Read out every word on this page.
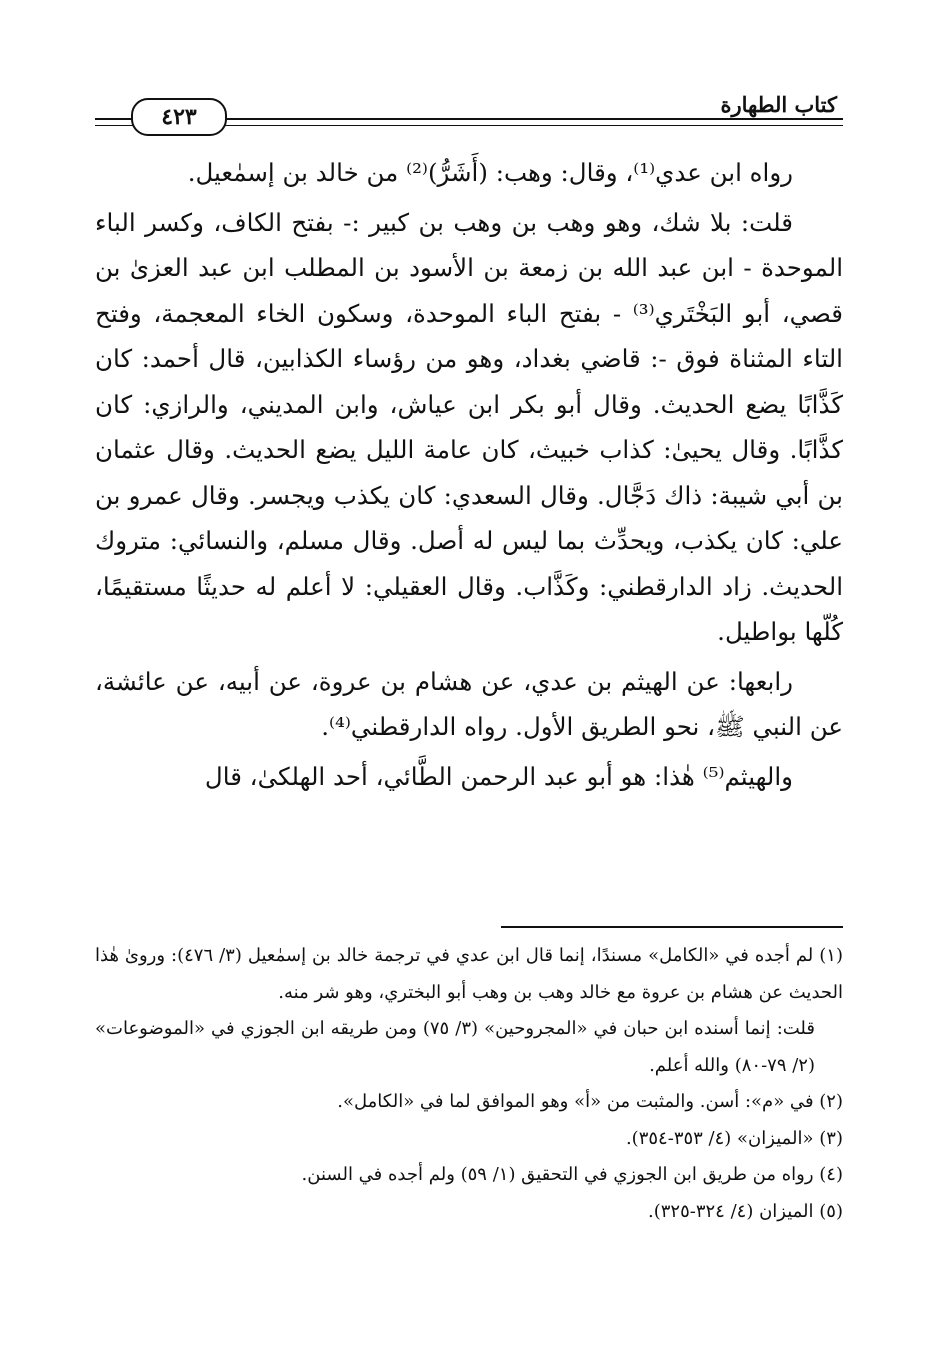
كتاب الطهارة
٤٢٣

رواه ابن عدي⁽¹⁾، وقال: وهب: (أَشَرُّ)⁽²⁾ من خالد بن إسمٰعيل.

قلت: بلا شك، وهو وهب بن وهب بن كبير :- بفتح الكاف، وكسر الباء الموحدة - ابن عبد الله بن زمعة بن الأسود بن المطلب ابن عبد العزىٰ بن قصي، أبو البَخْتَري⁽³⁾ - بفتح الباء الموحدة، وسكون الخاء المعجمة، وفتح التاء المثناة فوق -: قاضي بغداد، وهو من رؤساء الكذابين، قال أحمد: كان كَذَّابًا يضع الحديث. وقال أبو بكر ابن عياش، وابن المديني، والرازي: كان كذَّابًا. وقال يحيىٰ: كذاب خبيث، كان عامة الليل يضع الحديث. وقال عثمان بن أبي شيبة: ذاك دَجَّال. وقال السعدي: كان يكذب ويجسر. وقال عمرو بن علي: كان يكذب، ويحدِّث بما ليس له أصل. وقال مسلم، والنسائي: متروك الحديث. زاد الدارقطني: وكَذَّاب. وقال العقيلي: لا أعلم له حديثًا مستقيمًا، كُلّها بواطيل.

رابعها: عن الهيثم بن عدي، عن هشام بن عروة، عن أبيه، عن عائشة، عن النبي ﷺ، نحو الطريق الأول. رواه الدارقطني⁽⁴⁾.

والهيثم⁽⁵⁾ هٰذا: هو أبو عبد الرحمن الطَّائي، أحد الهلكىٰ، قال

(١) لم أجده في «الكامل» مسندًا، إنما قال ابن عدي في ترجمة خالد بن إسمٰعيل (٣/ ٤٧٦): وروىٰ هٰذا الحديث عن هشام بن عروة مع خالد وهب بن وهب أبو البختري، وهو شر منه.

قلت: إنما أسنده ابن حبان في «المجروحين» (٣/ ٧٥) ومن طريقه ابن الجوزي في «الموضوعات» (٢/ ٧٩-٨٠) والله أعلم.

(٢) في «م»: أسن. والمثبت من «أ» وهو الموافق لما في «الكامل».

(٣) «الميزان» (٤/ ٣٥٣-٣٥٤).

(٤) رواه من طريق ابن الجوزي في التحقيق (١/ ٥٩) ولم أجده في السنن.

(٥) الميزان (٤/ ٣٢٤-٣٢٥).
